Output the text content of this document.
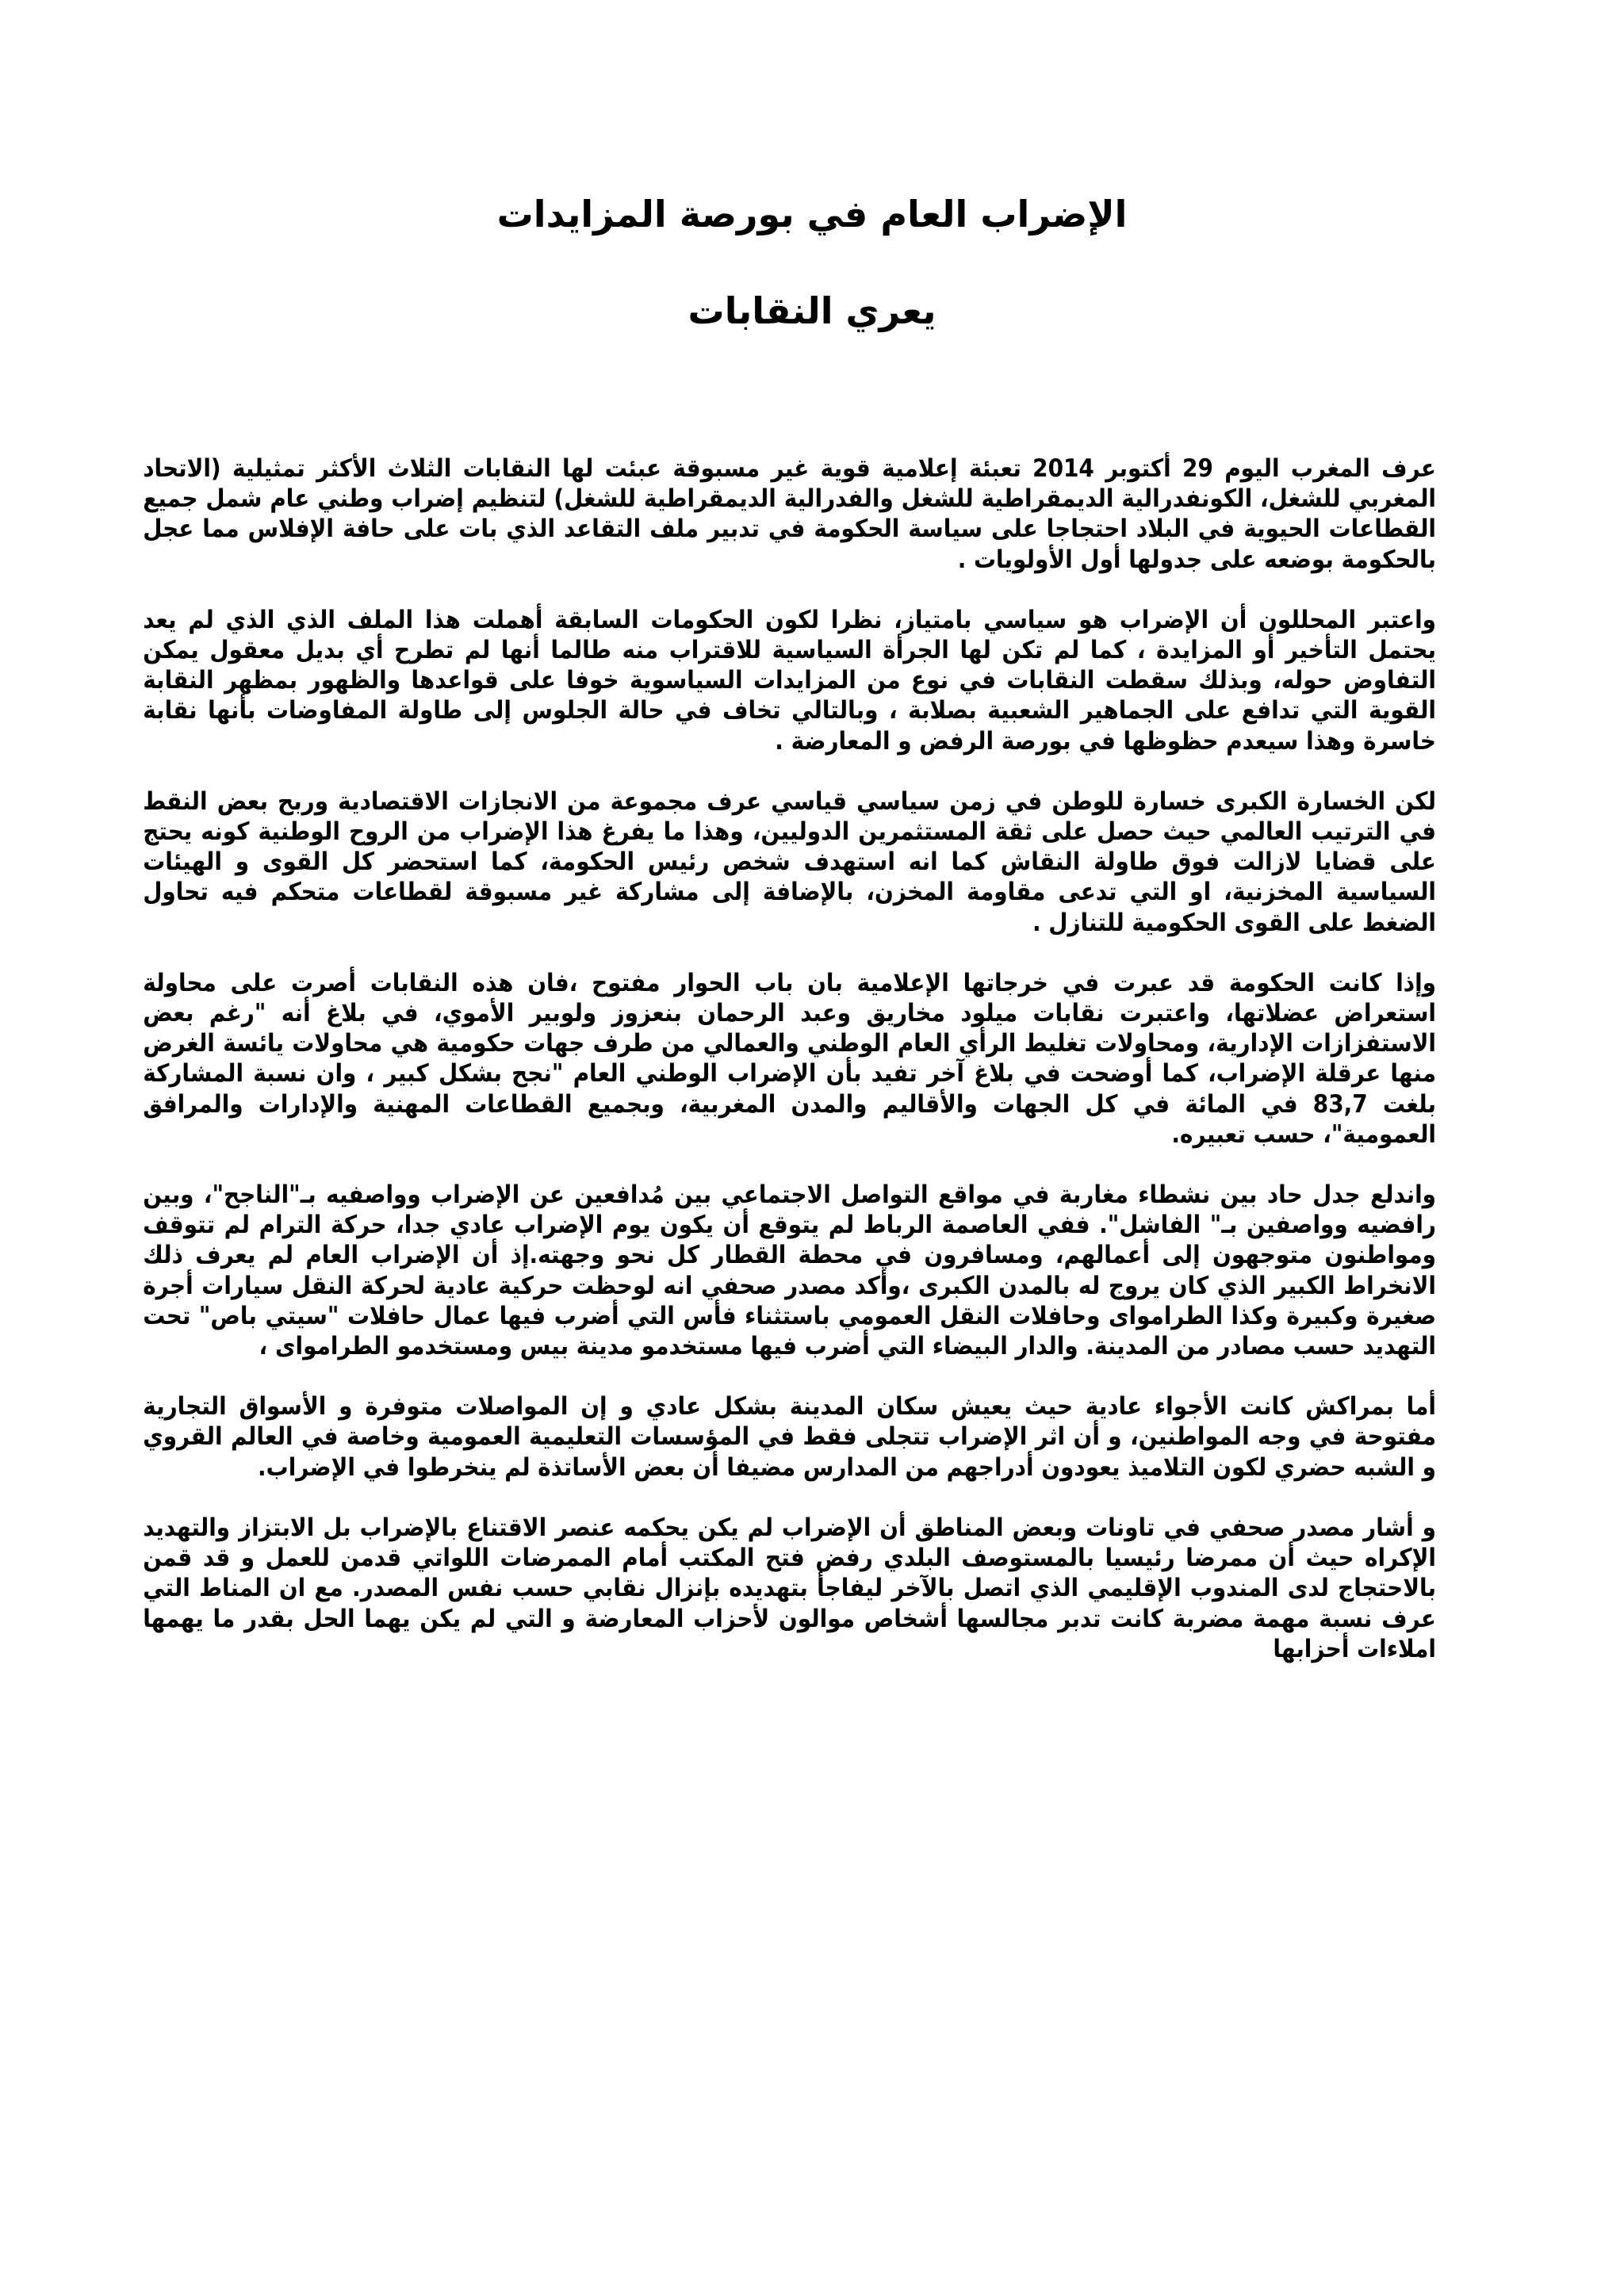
الإضراب العام في بورصة المزايدات
يعري النقابات

عرف المغرب اليوم 29 أكتوبر 2014 تعبئة إعلامية قوية غير مسبوقة عبئت لها النقابات الثلاث الأكثر تمثيلية (الاتحاد المغربي للشغل، الكونفدرالية الديمقراطية للشغل والفدرالية الديمقراطية للشغل) لتنظيم إضراب وطني عام شمل جميع القطاعات الحيوية في البلاد احتجاجا على سياسة الحكومة في تدبير ملف التقاعد الذي بات على حافة الإفلاس مما عجل بالحكومة بوضعه على جدولها أول الأولويات .

واعتبر المحللون أن الإضراب هو سياسي بامتياز، نظرا لكون الحكومات السابقة أهملت هذا الملف الذي الذي لم يعد يحتمل التأخير أو المزايدة ، كما لم تكن لها الجرأة السياسية للاقتراب منه طالما أنها لم تطرح أي بديل معقول يمكن التفاوض حوله، وبذلك سقطت النقابات في نوع من المزايدات السياسوية خوفا على قواعدها والظهور بمظهر النقابة القوية التي تدافع على الجماهير الشعبية بصلابة ، وبالتالي تخاف في حالة الجلوس إلى طاولة المفاوضات بأنها نقابة خاسرة وهذا سيعدم حظوظها في بورصة الرفض و المعارضة .

لكن الخسارة الكبرى خسارة للوطن في زمن سياسي قياسي عرف مجموعة من الانجازات الاقتصادية وربح بعض النقط في الترتيب العالمي حيث حصل على ثقة المستثمرين الدوليين، وهذا ما يفرغ هذا الإضراب من الروح الوطنية كونه يحتج على قضايا لازالت فوق طاولة النقاش كما انه استهدف شخص رئيس الحكومة، كما استحضر كل القوى و الهيئات السياسية المخزنية، او التي تدعى مقاومة المخزن، بالإضافة إلى مشاركة غير مسبوقة لقطاعات متحكم فيه تحاول الضغط على القوى الحكومية للتنازل .

وإذا كانت الحكومة قد عبرت في خرجاتها الإعلامية بان باب الحوار مفتوح ،فان هذه النقابات أصرت على محاولة استعراض عضلاتها، واعتبرت نقابات ميلود مخاريق وعبد الرحمان بنعزوز ولوبير الأموي، في بلاغ أنه "رغم بعض الاستفزازات الإدارية، ومحاولات تغليط الرأي العام الوطني والعمالي من طرف جهات حكومية هي محاولات يائسة الغرض منها عرقلة الإضراب، كما أوضحت في بلاغ آخر تفيد بأن الإضراب الوطني العام "نجح بشكل كبير ، وان نسبة المشاركة بلغت 83,7 في المائة في كل الجهات والأقاليم والمدن المغربية، وبجميع القطاعات المهنية والإدارات والمرافق العمومية"، حسب تعبيره.

واندلع جدل حاد بين نشطاء مغاربة في مواقع التواصل الاجتماعي بين مُدافعين عن الإضراب وواصفيه بـ"الناجح"، وبين رافضيه وواصفين بـ" الفاشل". ففي العاصمة الرباط لم يتوقع أن يكون يوم الإضراب عادي جدا، حركة الترام لم تتوقف ومواطنون متوجهون إلى أعمالهم، ومسافرون في محطة القطار كل نحو وجهته.إذ أن الإضراب العام لم يعرف ذلك الانخراط الكبير الذي كان يروج له بالمدن الكبرى ،وأكد مصدر صحفي انه لوحظت حركية عادية لحركة النقل سيارات أجرة صغيرة وكبيرة وكذا الطراموای وحافلات النقل العمومي باستثناء فأس التي أضرب فيها عمال حافلات "سيتي باص" تحت التهديد حسب مصادر من المدينة. والدار البيضاء التي أضرب فيها مستخدمو مدينة بيس ومستخدمو الطراموای ،

أما بمراكش كانت الأجواء عادية حيث يعيش سكان المدينة بشكل عادي و إن المواصلات متوفرة و الأسواق التجارية مفتوحة في وجه المواطنين، و أن اثر الإضراب تتجلى فقط في المؤسسات التعليمية العمومية وخاصة في العالم القروي و الشبه حضري لكون التلاميذ يعودون أدراجهم من المدارس مضيفا أن بعض الأساتذة لم ينخرطوا في الإضراب.

و أشار مصدر صحفي في تاونات وبعض المناطق أن الإضراب لم يكن يحكمه عنصر الاقتناع بالإضراب بل الابتزاز والتهديد الإكراه حيث أن ممرضا رئيسيا بالمستوصف البلدي رفض فتح المكتب أمام الممرضات اللواتي قدمن للعمل و قد قمن بالاحتجاج لدى المندوب الإقليمي الذي اتصل بالآخر ليفاجأ بتهديده بإنزال نقابي حسب نفس المصدر. مع ان المناط التي عرف نسبة مهمة مضربة كانت تدبر مجالسها أشخاص موالون لأحزاب المعارضة و التي لم يكن يهما الحل بقدر ما يهمها املاءات أحزابها
